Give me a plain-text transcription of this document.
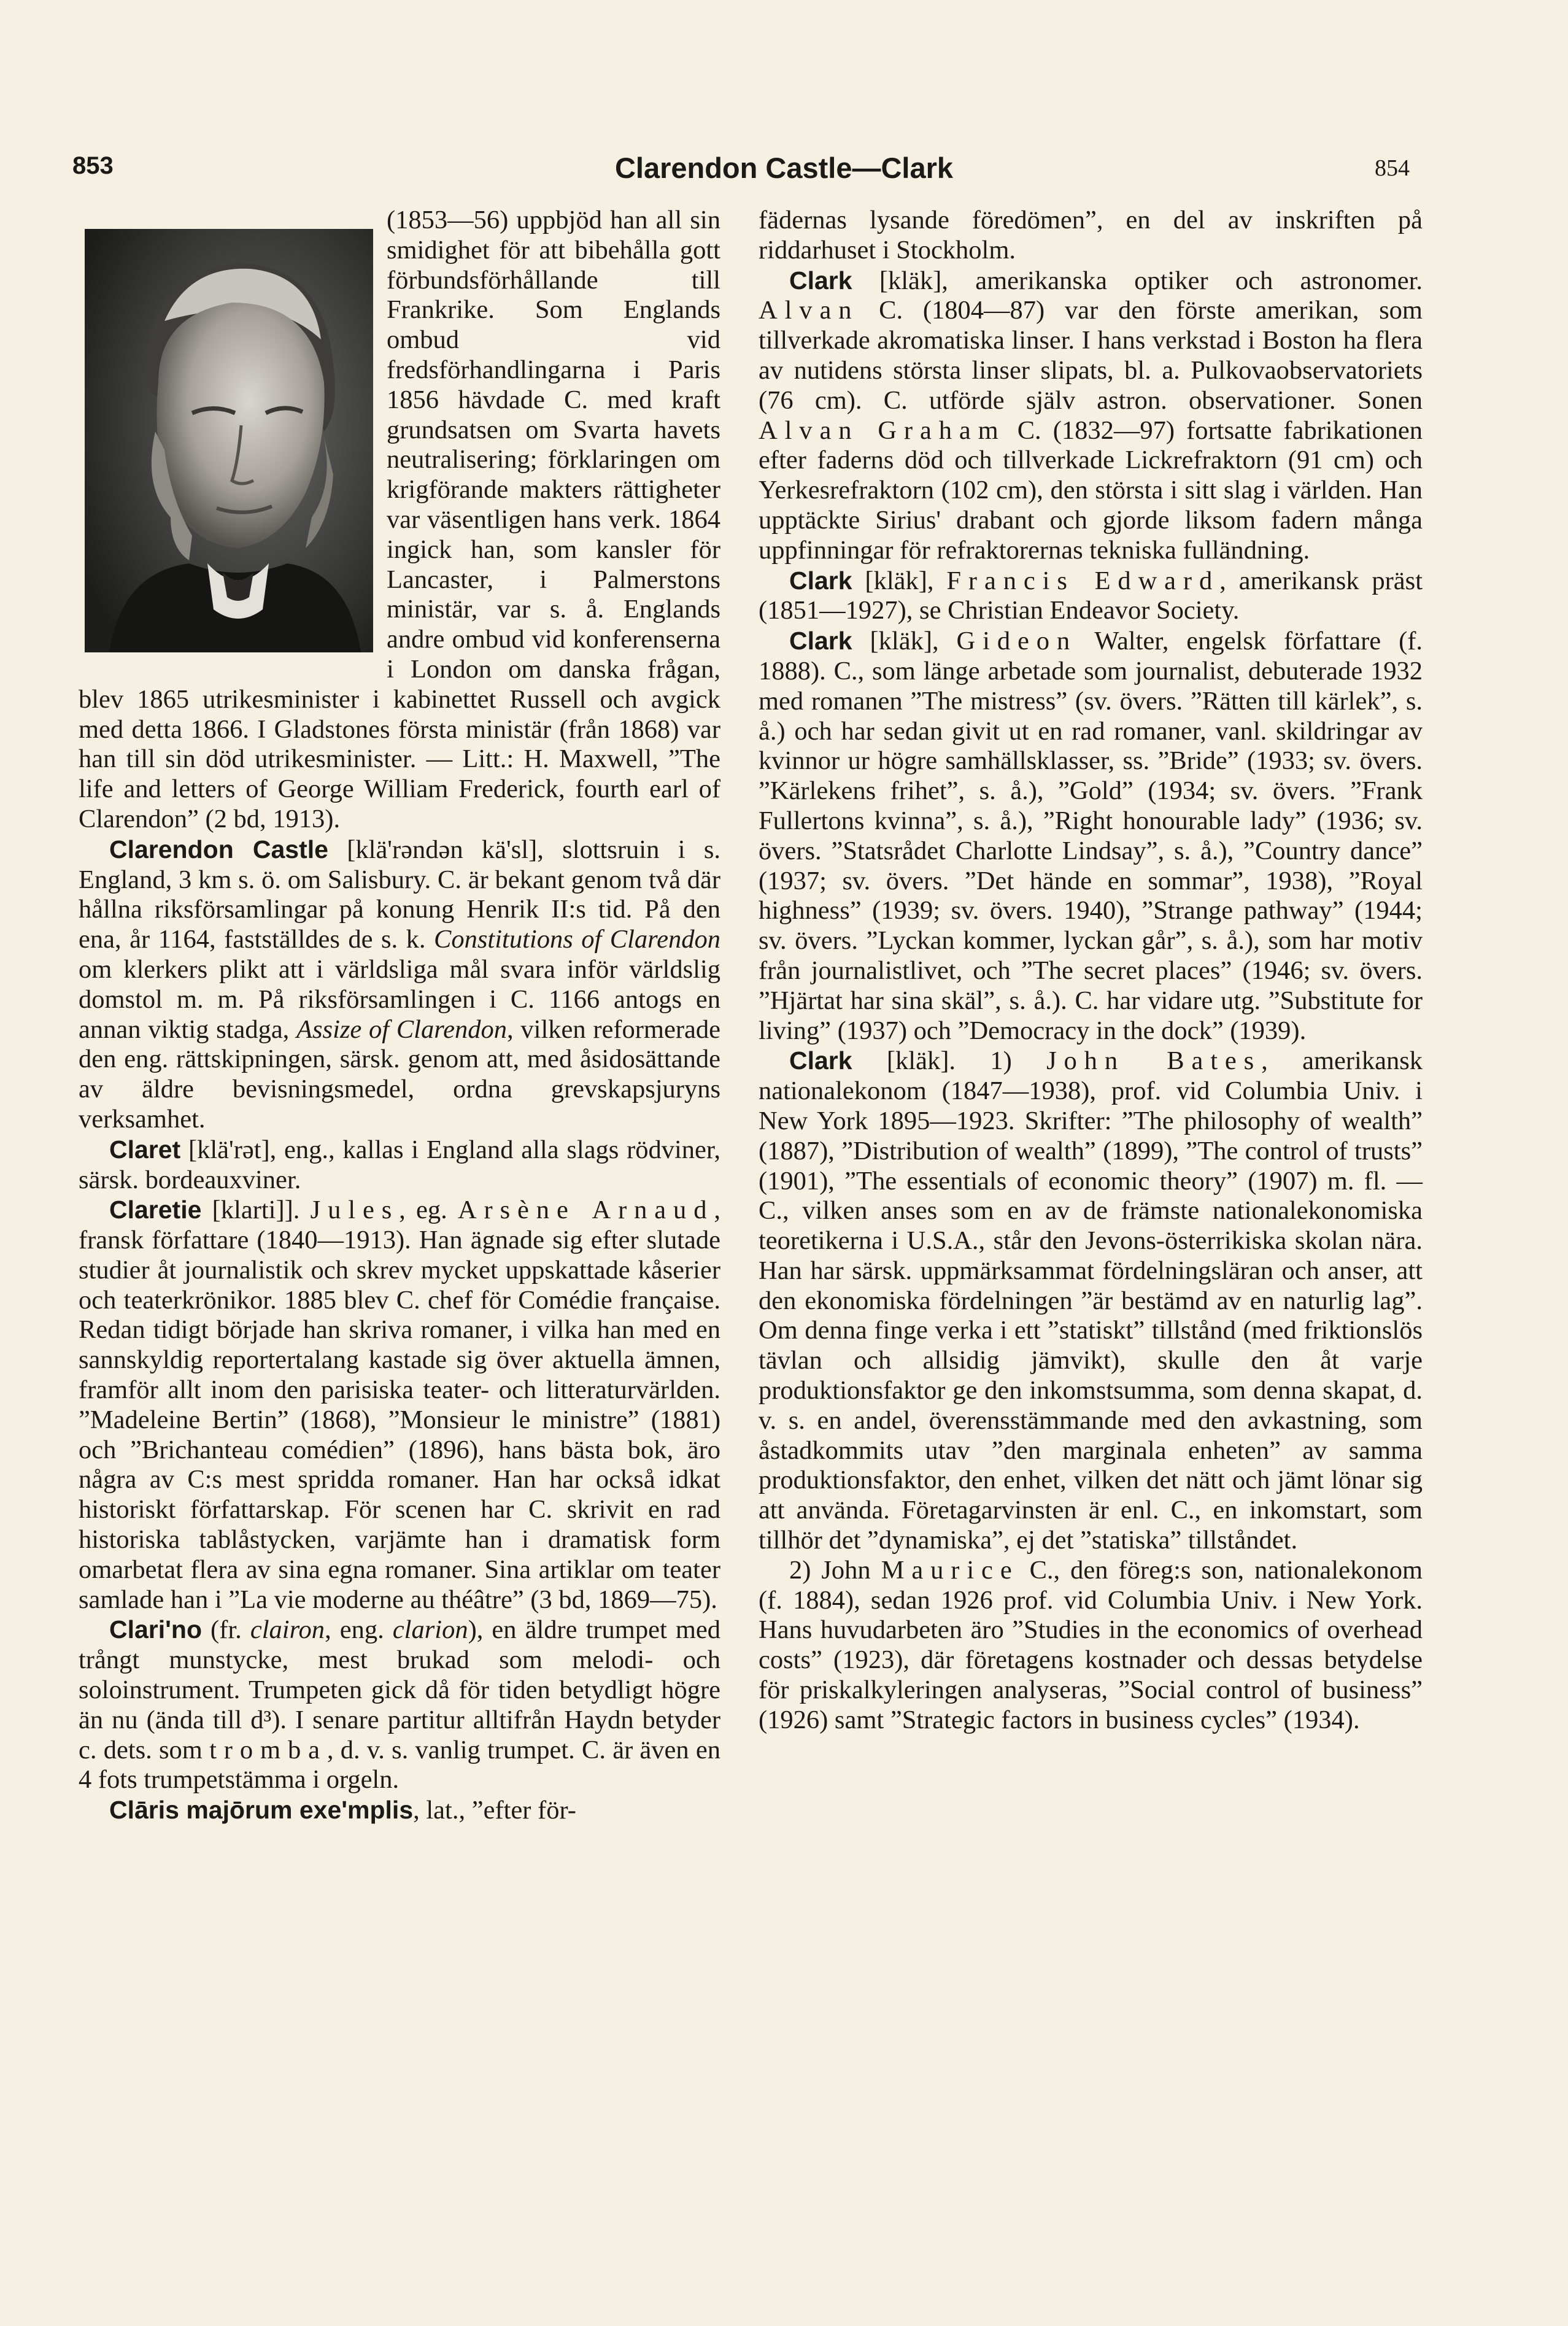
853	Clarendon Castle—Clark	854

(1853—56) uppbjöd han all sin smidighet för att bibehålla gott förbundsförhållande till Frankrike. Som Englands ombud vid fredsförhandlingarna i Paris 1856 hävdade C. med kraft grundsatsen om Svarta havets neutralisering; förklaringen om krigförande makters rättigheter var väsentligen hans verk. 1864 ingick han, som kansler för Lancaster, i Palmerstons ministär, var s. å. Englands andre ombud vid konferenserna i London om danska frågan, blev 1865 utrikesminister i kabinettet Russell och avgick med detta 1866. I Gladstones första ministär (från 1868) var han till sin död utrikesminister. — Litt.: H. Maxwell, ”The life and letters of George William Frederick, fourth earl of Clarendon” (2 bd, 1913).

Clarendon Castle [klä'rəndən kä'sl], slottsruin i s. England, 3 km s. ö. om Salisbury. C. är bekant genom två där hållna riksförsamlingar på konung Henrik II:s tid. På den ena, år 1164, fastställdes de s. k. Constitutions of Clarendon om klerkers plikt att i världsliga mål svara inför världslig domstol m. m. På riksförsamlingen i C. 1166 antogs en annan viktig stadga, Assize of Clarendon, vilken reformerade den eng. rättskipningen, särsk. genom att, med åsidosättande av äldre bevisningsmedel, ordna grevskapsjuryns verksamhet.

Claret [klä'rət], eng., kallas i England alla slags rödviner, särsk. bordeauxviner.

Claretie [klarti]]. Jules, eg. Arsène Arnaud, fransk författare (1840—1913). Han ägnade sig efter slutade studier åt journalistik och skrev mycket uppskattade kåserier och teaterkrönikor. 1885 blev C. chef för Comédie française. Redan tidigt började han skriva romaner, i vilka han med en sannskyldig reportertalang kastade sig över aktuella ämnen, framför allt inom den parisiska teater- och litteraturvärlden. ”Madeleine Bertin” (1868), ”Monsieur le ministre” (1881) och ”Brichanteau comédien” (1896), hans bästa bok, äro några av C:s mest spridda romaner. Han har också idkat historiskt författarskap. För scenen har C. skrivit en rad historiska tablåstycken, varjämte han i dramatisk form omarbetat flera av sina egna romaner. Sina artiklar om teater samlade han i ”La vie moderne au théâtre” (3 bd, 1869—75).

Clari'no (fr. clairon, eng. clarion), en äldre trumpet med trångt munstycke, mest brukad som melodi- och soloinstrument. Trumpeten gick då för tiden betydligt högre än nu (ända till d³). I senare partitur alltifrån Haydn betyder c. dets. som tromba, d. v. s. vanlig trumpet. C. är även en 4 fots trumpetstämma i orgeln.

Clāris majōrum exe'mplis, lat., ”efter för-

fädernas lysande föredömen”, en del av inskriften på riddarhuset i Stockholm.

Clark [kläk], amerikanska optiker och astronomer. Alvan C. (1804—87) var den förste amerikan, som tillverkade akromatiska linser. I hans verkstad i Boston ha flera av nutidens största linser slipats, bl. a. Pulkovaobservatoriets (76 cm). C. utförde själv astron. observationer. Sonen Alvan Graham C. (1832—97) fortsatte fabrikationen efter faderns död och tillverkade Lickrefraktorn (91 cm) och Yerkesrefraktorn (102 cm), den största i sitt slag i världen. Han upptäckte Sirius' drabant och gjorde liksom fadern många uppfinningar för refraktorernas tekniska fulländning.

Clark [kläk], Francis Edward, amerikansk präst (1851—1927), se Christian Endeavor Society.

Clark [kläk], Gideon Walter, engelsk författare (f. 1888). C., som länge arbetade som journalist, debuterade 1932 med romanen ”The mistress” (sv. övers. ”Rätten till kärlek”, s. å.) och har sedan givit ut en rad romaner, vanl. skildringar av kvinnor ur högre samhällsklasser, ss. ”Bride” (1933; sv. övers. ”Kärlekens frihet”, s. å.), ”Gold” (1934; sv. övers. ”Frank Fullertons kvinna”, s. å.), ”Right honourable lady” (1936; sv. övers. ”Statsrådet Charlotte Lindsay”, s. å.), ”Country dance” (1937; sv. övers. ”Det hände en sommar”, 1938), ”Royal highness” (1939; sv. övers. 1940), ”Strange pathway” (1944; sv. övers. ”Lyckan kommer, lyckan går”, s. å.), som har motiv från journalistlivet, och ”The secret places” (1946; sv. övers. ”Hjärtat har sina skäl”, s. å.). C. har vidare utg. ”Substitute for living” (1937) och ”Democracy in the dock” (1939).

Clark [kläk]. 1) John Bates, amerikansk nationalekonom (1847—1938), prof. vid Columbia Univ. i New York 1895—1923. Skrifter: ”The philosophy of wealth” (1887), ”Distribution of wealth” (1899), ”The control of trusts” (1901), ”The essentials of economic theory” (1907) m. fl. — C., vilken anses som en av de främste nationalekonomiska teoretikerna i U.S.A., står den Jevons-österrikiska skolan nära. Han har särsk. uppmärksammat fördelningsläran och anser, att den ekonomiska fördelningen ”är bestämd av en naturlig lag”. Om denna finge verka i ett ”statiskt” tillstånd (med friktionslös tävlan och allsidig jämvikt), skulle den åt varje produktionsfaktor ge den inkomstsumma, som denna skapat, d. v. s. en andel, överensstämmande med den avkastning, som åstadkommits utav ”den marginala enheten” av samma produktionsfaktor, den enhet, vilken det nätt och jämt lönar sig att använda. Företagarvinsten är enl. C., en inkomstart, som tillhör det ”dynamiska”, ej det ”statiska” tillståndet.

2) John Maurice C., den föreg:s son, nationalekonom (f. 1884), sedan 1926 prof. vid Columbia Univ. i New York. Hans huvudarbeten äro ”Studies in the economics of overhead costs” (1923), där företagens kostnader och dessas betydelse för priskalkyleringen analyseras, ”Social control of business” (1926) samt ”Strategic factors in business cycles” (1934).
